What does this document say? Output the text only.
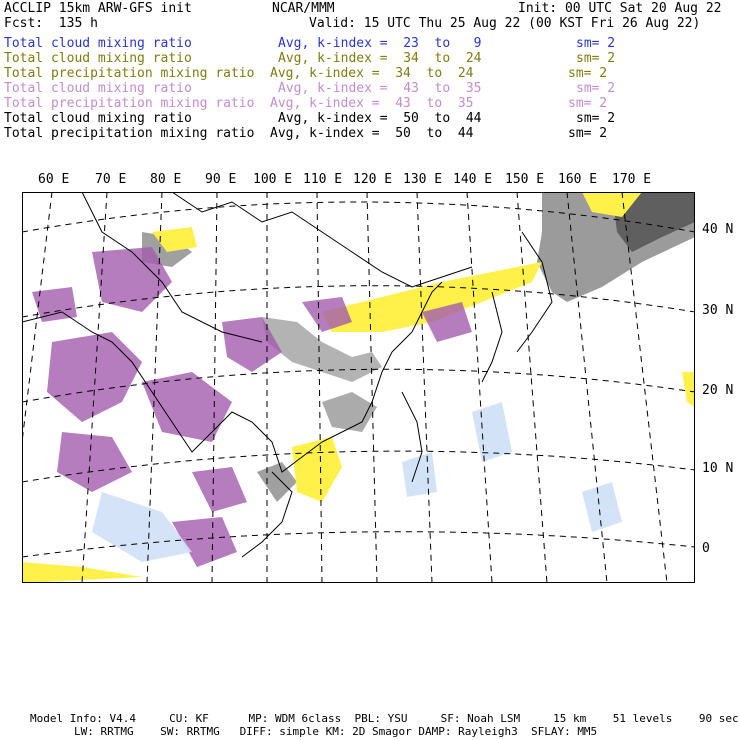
ACCLIP 15km ARW-GFS init	NCAR/MMM	Init: 00 UTC Sat 20 Aug 22
Fcst:  135 h	Valid: 15 UTC Thu 25 Aug 22 (00 KST Fri 26 Aug 22)
Total cloud mixing ratio	Avg, k-index =  23  to   9	sm= 2
Total cloud mixing ratio	Avg, k-index =  34  to  24	sm= 2
Total precipitation mixing ratio Avg, k-index =  34  to  24	sm= 2
Total cloud mixing ratio	Avg, k-index =  43  to  35	sm= 2
Total precipitation mixing ratio Avg, k-index =  43  to  35	sm= 2
Total cloud mixing ratio	Avg, k-index =  50  to  44	sm= 2
Total precipitation mixing ratio Avg, k-index =  50  to  44	sm= 2
60 E 70 E 80 E 90 E 100 E 110 E 120 E 130 E 140 E 150 E 160 E 170 E
40 N
30 N
20 N
10 N
0
Model Info: V4.4     CU: KF      MP: WDM 6class  PBL: YSU     SF: Noah LSM     15 km    51 levels    90 sec
LW: RRTMG    SW: RRTMG   DIFF: simple KM: 2D Smagor DAMP: Rayleigh3  SFLAY: MM5
